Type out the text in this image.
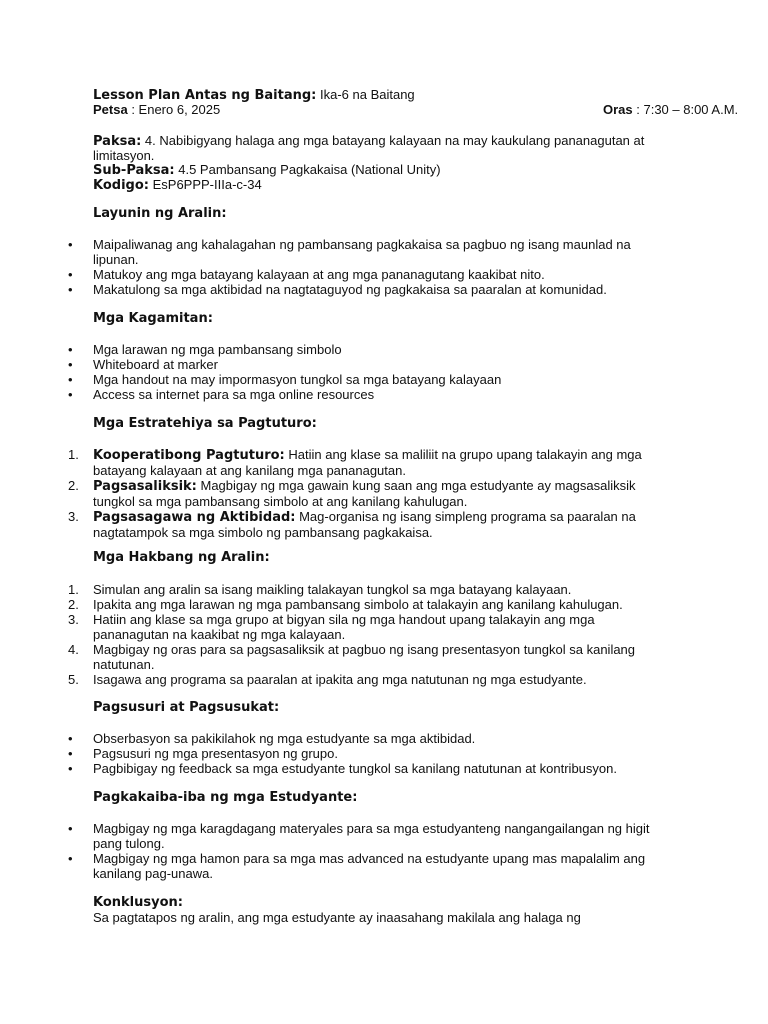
Lesson Plan Antas ng Baitang: Ika-6 na Baitang
Petsa : Enero 6, 2025	Oras : 7:30 – 8:00 A.M.
Paksa: 4. Nabibigyang halaga ang mga batayang kalayaan na may kaukulang pananagutan at
limitasyon.
Sub-Paksa: 4.5 Pambansang Pagkakaisa (National Unity)
Kodigo: EsP6PPP-IIIa-c-34
Layunin ng Aralin:
• Maipaliwanag ang kahalagahan ng pambansang pagkakaisa sa pagbuo ng isang maunlad na
lipunan.
• Matukoy ang mga batayang kalayaan at ang mga pananagutang kaakibat nito.
• Makatulong sa mga aktibidad na nagtataguyod ng pagkakaisa sa paaralan at komunidad.
Mga Kagamitan:
• Mga larawan ng mga pambansang simbolo
• Whiteboard at marker
• Mga handout na may impormasyon tungkol sa mga batayang kalayaan
• Access sa internet para sa mga online resources
Mga Estratehiya sa Pagtuturo:
1. Kooperatibong Pagtuturo: Hatiin ang klase sa maliliit na grupo upang talakayin ang mga
batayang kalayaan at ang kanilang mga pananagutan.
2. Pagsasaliksik: Magbigay ng mga gawain kung saan ang mga estudyante ay magsasaliksik
tungkol sa mga pambansang simbolo at ang kanilang kahulugan.
3. Pagsasagawa ng Aktibidad: Mag-organisa ng isang simpleng programa sa paaralan na
nagtatampok sa mga simbolo ng pambansang pagkakaisa.
Mga Hakbang ng Aralin:
1. Simulan ang aralin sa isang maikling talakayan tungkol sa mga batayang kalayaan.
2. Ipakita ang mga larawan ng mga pambansang simbolo at talakayin ang kanilang kahulugan.
3. Hatiin ang klase sa mga grupo at bigyan sila ng mga handout upang talakayin ang mga
pananagutan na kaakibat ng mga kalayaan.
4. Magbigay ng oras para sa pagsasaliksik at pagbuo ng isang presentasyon tungkol sa kanilang
natutunan.
5. Isagawa ang programa sa paaralan at ipakita ang mga natutunan ng mga estudyante.
Pagsusuri at Pagsusukat:
• Obserbasyon sa pakikilahok ng mga estudyante sa mga aktibidad.
• Pagsusuri ng mga presentasyon ng grupo.
• Pagbibigay ng feedback sa mga estudyante tungkol sa kanilang natutunan at kontribusyon.
Pagkakaiba-iba ng mga Estudyante:
• Magbigay ng mga karagdagang materyales para sa mga estudyanteng nangangailangan ng higit
pang tulong.
• Magbigay ng mga hamon para sa mga mas advanced na estudyante upang mas mapalalim ang
kanilang pag-unawa.
Konklusyon:
Sa pagtatapos ng aralin, ang mga estudyante ay inaasahang makilala ang halaga ng
